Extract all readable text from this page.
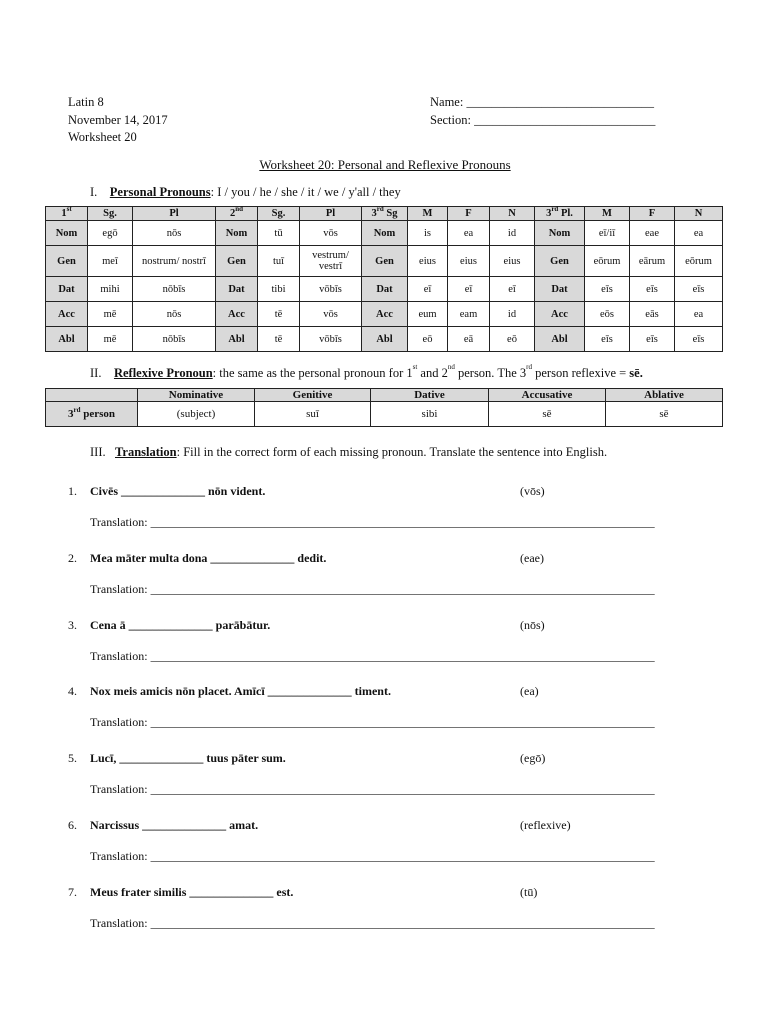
Latin 8
November 14, 2017
Worksheet 20
Name: ______________________________
Section: _____________________________
Worksheet 20: Personal and Reflexive Pronouns
I. Personal Pronouns: I / you / he / she / it / we / y'all / they
1st	Sg.	Pl	2nd	Sg.	Pl	3rd Sg	M	F	N	3rd Pl.	M	F	N
Nom	egō	nōs	Nom	tū	vōs	Nom	is	ea	id	Nom	eī/iī	eae	ea
Gen	meī	nostrum/ nostrī	Gen	tuī	vestrum/ vestrī	Gen	eius	eius	eius	Gen	eōrum	eārum	eōrum
Dat	mihi	nōbīs	Dat	tibi	vōbīs	Dat	eī	eī	eī	Dat	eīs	eīs	eīs
Acc	mē	nōs	Acc	tē	vōs	Acc	eum	eam	id	Acc	eōs	eās	ea
Abl	mē	nōbīs	Abl	tē	vōbīs	Abl	eō	eā	eō	Abl	eīs	eīs	eīs
II. Reflexive Pronoun: the same as the personal pronoun for 1st and 2nd person. The 3rd person reflexive = sē.
	Nominative	Genitive	Dative	Accusative	Ablative
3rd person	(subject)	suī	sibi	sē	sē
III. Translation: Fill in the correct form of each missing pronoun. Translate the sentence into English.
1. Civēs ______________ nōn vident.	(vōs)
Translation: ____________________________________________________________________________________
2. Mea māter multa dona ______________ dedit.	(eae)
Translation: ____________________________________________________________________________________
3. Cena ā ______________ parābātur.	(nōs)
Translation: ____________________________________________________________________________________
4. Nox meis amicis nōn placet. Amīcī ______________ timent.	(ea)
Translation: ____________________________________________________________________________________
5. Lucī, ______________ tuus pāter sum.	(egō)
Translation: ____________________________________________________________________________________
6. Narcissus ______________ amat.	(reflexive)
Translation: ____________________________________________________________________________________
7. Meus frater similis ______________ est.	(tū)
Translation: ____________________________________________________________________________________
